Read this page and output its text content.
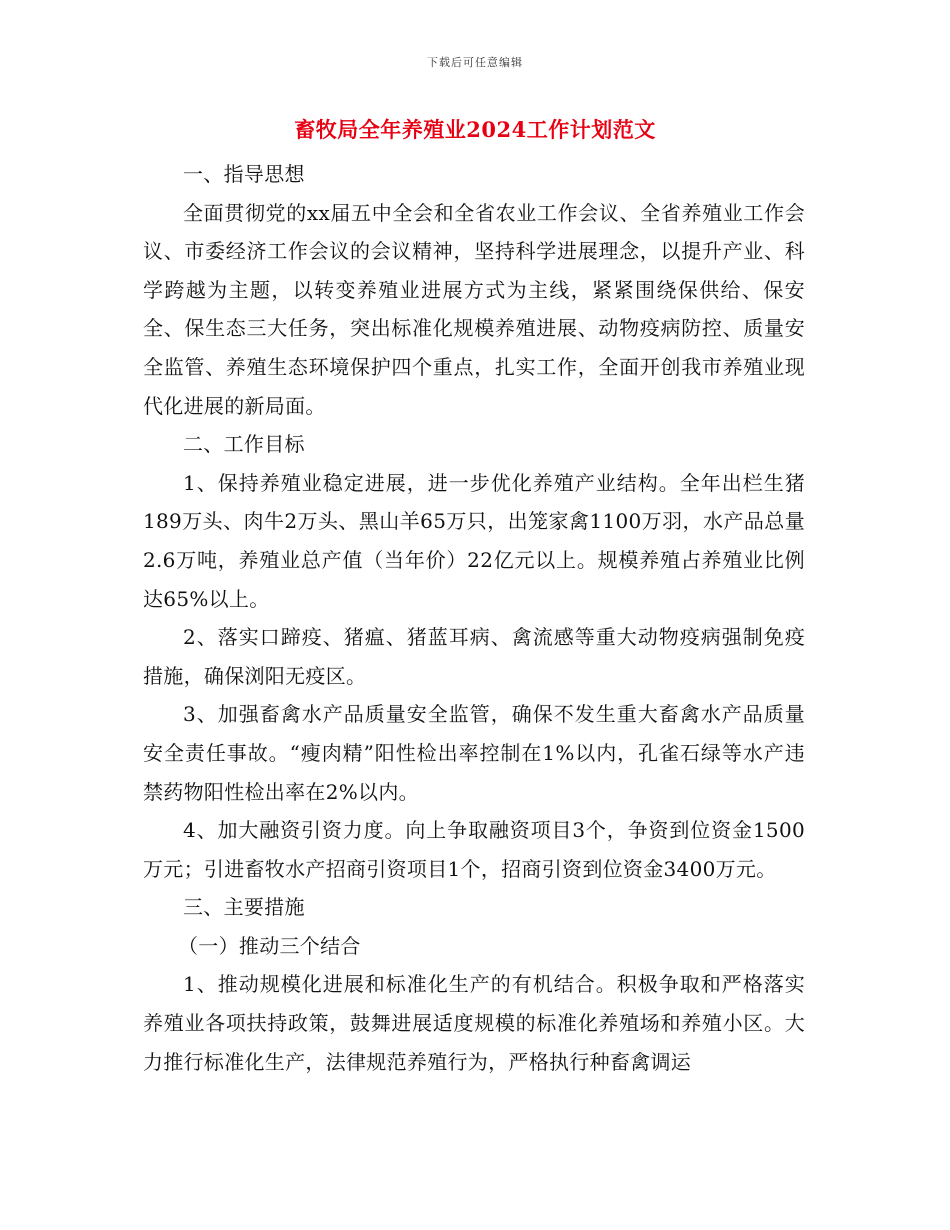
下载后可任意编辑
畜牧局全年养殖业2024工作计划范文

一、指导思想

全面贯彻党的xx届五中全会和全省农业工作会议、全省养殖业工作会议、市委经济工作会议的会议精神，坚持科学进展理念，以提升产业、科学跨越为主题，以转变养殖业进展方式为主线，紧紧围绕保供给、保安全、保生态三大任务，突出标准化规模养殖进展、动物疫病防控、质量安全监管、养殖生态环境保护四个重点，扎实工作，全面开创我市养殖业现代化进展的新局面。

二、工作目标

1、保持养殖业稳定进展，进一步优化养殖产业结构。全年出栏生猪189万头、肉牛2万头、黑山羊65万只，出笼家禽1100万羽，水产品总量2.6万吨，养殖业总产值（当年价）22亿元以上。规模养殖占养殖业比例达65%以上。

2、落实口蹄疫、猪瘟、猪蓝耳病、禽流感等重大动物疫病强制免疫措施，确保浏阳无疫区。

3、加强畜禽水产品质量安全监管，确保不发生重大畜禽水产品质量安全责任事故。“瘦肉精”阳性检出率控制在1%以内，孔雀石绿等水产违禁药物阳性检出率在2%以内。

4、加大融资引资力度。向上争取融资项目3个，争资到位资金1500万元；引进畜牧水产招商引资项目1个，招商引资到位资金3400万元。

三、主要措施

（一）推动三个结合

1、推动规模化进展和标准化生产的有机结合。积极争取和严格落实养殖业各项扶持政策，鼓舞进展适度规模的标准化养殖场和养殖小区。大力推行标准化生产，法律规范养殖行为，严格执行种畜禽调运
